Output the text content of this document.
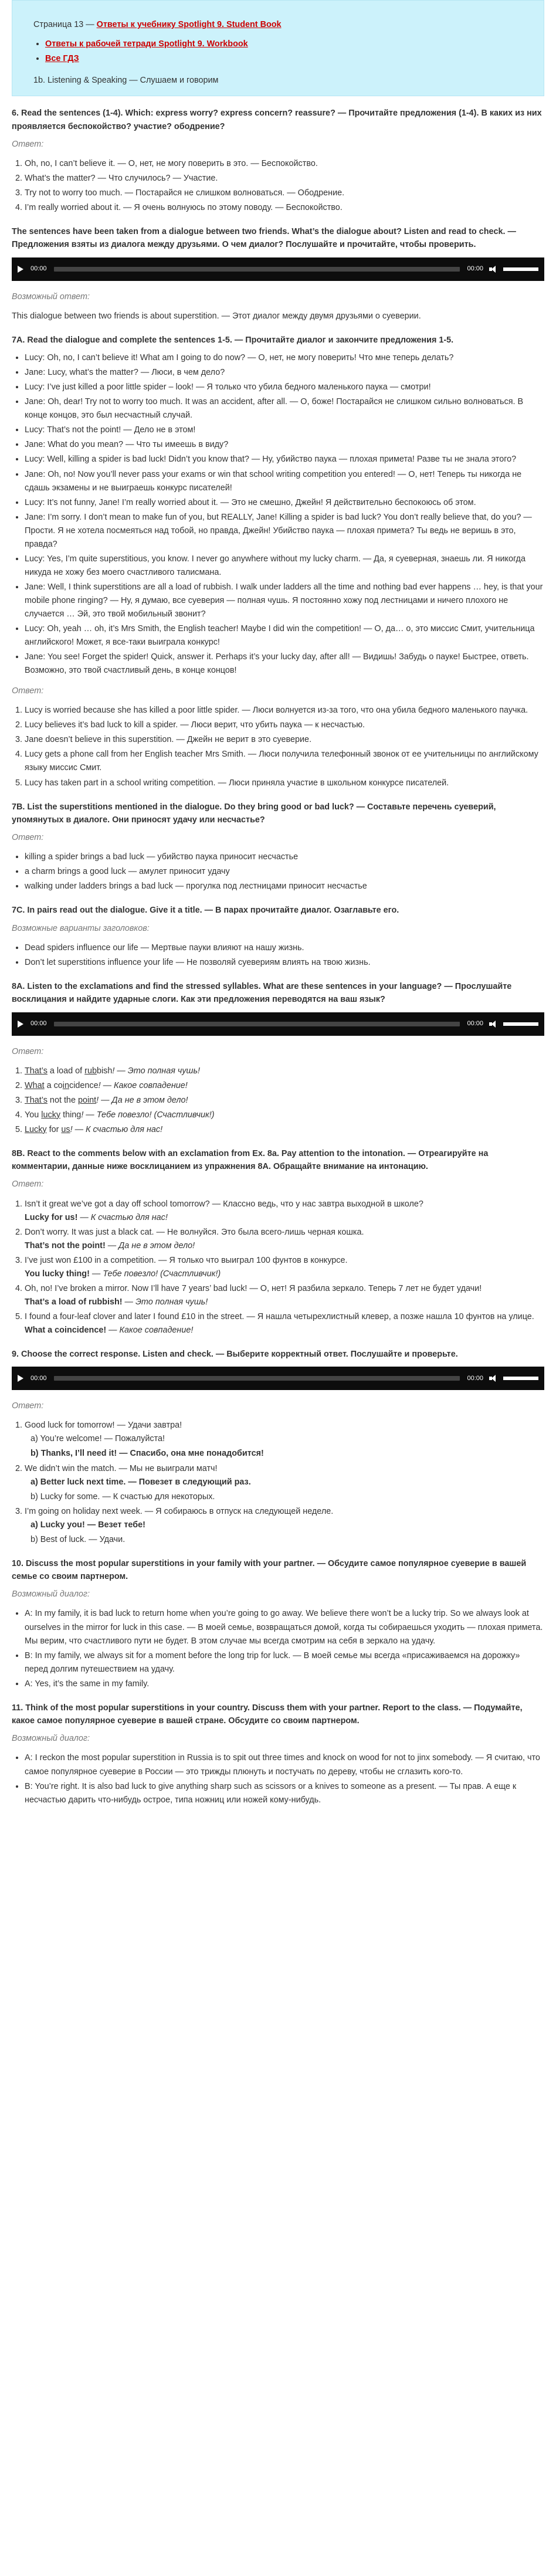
Страница 13 — Ответы к учебнику Spotlight 9. Student Book
• Ответы к рабочей тетради Spotlight 9. Workbook
• Все ГДЗ
1b. Listening & Speaking — Слушаем и говорим
6. Read the sentences (1-4). Which: express worry? express concern? reassure? — Прочитайте предложения (1-4). В каких из них проявляется беспокойство? участие? ободрение?
Ответ:
1. Oh, no, I can’t believe it. — О, нет, не могу поверить в это. — Беспокойство.
2. What’s the matter? — Что случилось? — Участие.
3. Try not to worry too much. — Постарайся не слишком волноваться. — Ободрение.
4. I’m really worried about it. — Я очень волнуюсь по этому поводу. — Беспокойство.
The sentences have been taken from a dialogue between two friends. What’s the dialogue about? Listen and read to check. — Предложения взяты из диалога между друзьями. О чем диалог? Послушайте и прочитайте, чтобы проверить.
00:00	00:00
Возможный ответ:

This dialogue between two friends is about superstition. — Этот диалог между двумя друзьями о суеверии.

7A. Read the dialogue and complete the sentences 1-5. — Прочитайте диалог и закончите предложения 1-5.
• Lucy: Oh, no, I can’t believe it! What am I going to do now? — О, нет, не могу поверить! Что мне теперь делать?
• Jane: Lucy, what’s the matter? — Люси, в чем дело?
• Lucy: I’ve just killed a poor little spider – look! — Я только что убила бедного маленького паука — смотри!
• Jane: Oh, dear! Try not to worry too much. It was an accident, after all. — О, боже! Постарайся не слишком сильно волноваться. В конце концов, это был несчастный случай.
• Lucy: That’s not the point! — Дело не в этом!
• Jane: What do you mean? — Что ты имеешь в виду?
• Lucy: Well, killing a spider is bad luck! Didn’t you know that? — Ну, убийство паука — плохая примета! Разве ты не знала этого?
• Jane: Oh, no! Now you’ll never pass your exams or win that school writing competition you entered! — О, нет! Теперь ты никогда не сдашь экзамены и не выиграешь конкурс писателей!
• Lucy: It’s not funny, Jane! I’m really worried about it. — Это не смешно, Джейн! Я действительно беспокоюсь об этом.
• Jane: I’m sorry. I don’t mean to make fun of you, but REALLY, Jane! Killing a spider is bad luck? You don’t really believe that, do you? — Прости. Я не хотела посмеяться над тобой, но правда, Джейн! Убийство паука — плохая примета? Ты ведь не веришь в это, правда?
• Lucy: Yes, I’m quite superstitious, you know. I never go anywhere without my lucky charm. — Да, я суеверная, знаешь ли. Я никогда никуда не хожу без моего счастливого талисмана.
• Jane: Well, I think superstitions are all a load of rubbish. I walk under ladders all the time and nothing bad ever happens … hey, is that your mobile phone ringing? — Ну, я думаю, все суеверия — полная чушь. Я постоянно хожу под лестницами и ничего плохого не случается … Эй, это твой мобильный звонит?
• Lucy: Oh, yeah … oh, it’s Mrs Smith, the English teacher! Maybe I did win the competition! — О, да… о, это миссис Смит, учительница английского! Может, я все-таки выиграла конкурс!
• Jane: You see! Forget the spider! Quick, answer it. Perhaps it’s your lucky day, after all! — Видишь! Забудь о пауке! Быстрее, ответь. Возможно, это твой счастливый день, в конце концов!
Ответ:
1. Lucy is worried because she has killed a poor little spider. — Люси волнуется из-за того, что она убила бедного маленького паучка.
2. Lucy believes it’s bad luck to kill a spider. — Люси верит, что убить паука — к несчастью.
3. Jane doesn’t believe in this superstition. — Джейн не верит в это суеверие.
4. Lucy gets a phone call from her English teacher Mrs Smith. — Люси получила телефонный звонок от ее учительницы по английскому языку миссис Смит.
5. Lucy has taken part in a school writing competition. — Люси приняла участие в школьном конкурсе писателей.
7B. List the superstitions mentioned in the dialogue. Do they bring good or bad luck? — Составьте перечень суеверий, упомянутых в диалоге. Они приносят удачу или несчастье?
Ответ:
• killing a spider brings a bad luck — убийство паука приносит несчастье
• a charm brings a good luck — амулет приносит удачу
• walking under ladders brings a bad luck — прогулка под лестницами приносит несчастье
7C. In pairs read out the dialogue. Give it a title. — В парах прочитайте диалог. Озаглавьте его.
Возможные варианты заголовков:
• Dead spiders influence our life — Мертвые пауки влияют на нашу жизнь.
• Don’t let superstitions influence your life — Не позволяй суевериям влиять на твою жизнь.
8A. Listen to the exclamations and find the stressed syllables. What are these sentences in your language? — Прослушайте восклицания и найдите ударные слоги. Как эти предложения переводятся на ваш язык?
00:00	00:00
Ответ:
1. That’s a load of rubbish! — Это полная чушь!
2. What a coincidence! — Какое совпадение!
3. That’s not the point! — Да не в этом дело!
4. You lucky thing! — Тебе повезло! (Счастливчик!)
5. Lucky for us! — К счастью для нас!
8B. React to the comments below with an exclamation from Ex. 8a. Pay attention to the intonation. — Отреагируйте на комментарии, данные ниже восклицанием из упражнения 8А. Обращайте внимание на интонацию.
Ответ:
1. Isn’t it great we’ve got a day off school tomorrow? — Классно ведь, что у нас завтра выходной в школе?
Lucky for us! — К счастью для нас!
2. Don’t worry. It was just a black cat. — Не волнуйся. Это была всего-лишь черная кошка.
That’s not the point! — Да не в этом дело!
3. I’ve just won £100 in a competition. — Я только что выиграл 100 фунтов в конкурсе.
You lucky thing! — Тебе повезло! (Счастливчик!)
4. Oh, no! I’ve broken a mirror. Now I’ll have 7 years’ bad luck! — О, нет! Я разбила зеркало. Теперь 7 лет не будет удачи!
That’s a load of rubbish! — Это полная чушь!
5. I found a four-leaf clover and later I found £10 in the street. — Я нашла четырехлистный клевер, а позже нашла 10 фунтов на улице.
What a coincidence! — Какое совпадение!
9. Choose the correct response. Listen and check. — Выберите корректный ответ. Послушайте и проверьте.
00:00	00:00
Ответ:
1. Good luck for tomorrow! — Удачи завтра!
a) You’re welcome! — Пожалуйста!
b) Thanks, I’ll need it! — Спасибо, она мне понадобится!
2. We didn’t win the match. — Мы не выиграли матч!
a) Better luck next time. — Повезет в следующий раз.
b) Lucky for some. — К счастью для некоторых.
3. I’m going on holiday next week. — Я собираюсь в отпуск на следующей неделе.
a) Lucky you! — Везет тебе!
b) Best of luck. — Удачи.
10. Discuss the most popular superstitions in your family with your partner. — Обсудите самое популярное суеверие в вашей семье со своим партнером.
Возможный диалог:
• A: In my family, it is bad luck to return home when you’re going to go away. We believe there won’t be a lucky trip. So we always look at ourselves in the mirror for luck in this case. — В моей семье, возвращаться домой, когда ты собираешься уходить — плохая примета. Мы верим, что счастливого пути не будет. В этом случае мы всегда смотрим на себя в зеркало на удачу.
• B: In my family, we always sit for a moment before the long trip for luck. — В моей семье мы всегда «присаживаемся на дорожку» перед долгим путешествием на удачу.
• A: Yes, it’s the same in my family.
11. Think of the most popular superstitions in your country. Discuss them with your partner. Report to the class. — Подумайте, какое самое популярное суеверие в вашей стране. Обсудите со своим партнером.
Возможный диалог:
• A: I reckon the most popular superstition in Russia is to spit out three times and knock on wood for not to jinx somebody. — Я считаю, что самое популярное суеверие в России — это трижды плюнуть и постучать по дереву, чтобы не сглазить кого-то.
• B: You’re right. It is also bad luck to give anything sharp such as scissors or a knives to someone as a present. — Ты прав. А еще к несчастью дарить что-нибудь острое, типа ножниц или ножей кому-нибудь.
